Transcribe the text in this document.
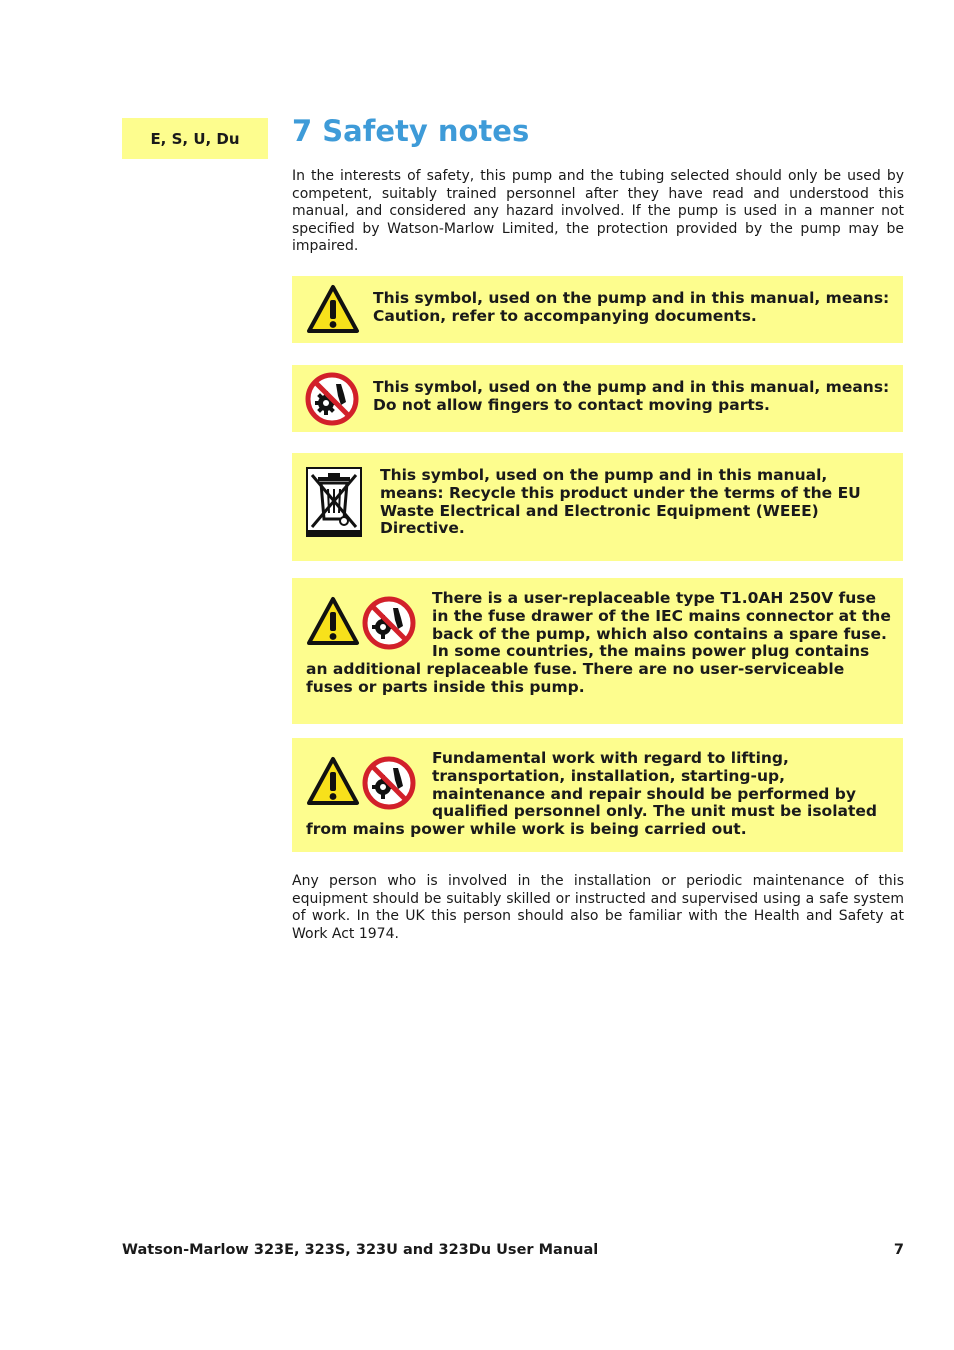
E, S, U, Du	7 Safety notes

In the interests of safety, this pump and the tubing selected should only be used by competent, suitably trained personnel after they have read and understood this manual, and considered any hazard involved. If the pump is used in a manner not specified by Watson-Marlow Limited, the protection provided by the pump may be impaired.

This symbol, used on the pump and in this manual, means: Caution, refer to accompanying documents.

This symbol, used on the pump and in this manual, means: Do not allow fingers to contact moving parts.

This symbol, used on the pump and in this manual, means: Recycle this product under the terms of the EU Waste Electrical and Electronic Equipment (WEEE) Directive.

There is a user-replaceable type T1.0AH 250V fuse in the fuse drawer of the IEC mains connector at the back of the pump, which also contains a spare fuse. In some countries, the mains power plug contains an additional replaceable fuse. There are no user-serviceable fuses or parts inside this pump.

Fundamental work with regard to lifting, transportation, installation, starting-up, maintenance and repair should be performed by qualified personnel only. The unit must be isolated from mains power while work is being carried out.

Any person who is involved in the installation or periodic maintenance of this equipment should be suitably skilled or instructed and supervised using a safe system of work. In the UK this person should also be familiar with the Health and Safety at Work Act 1974.

Watson-Marlow 323E, 323S, 323U and 323Du User Manual	7
